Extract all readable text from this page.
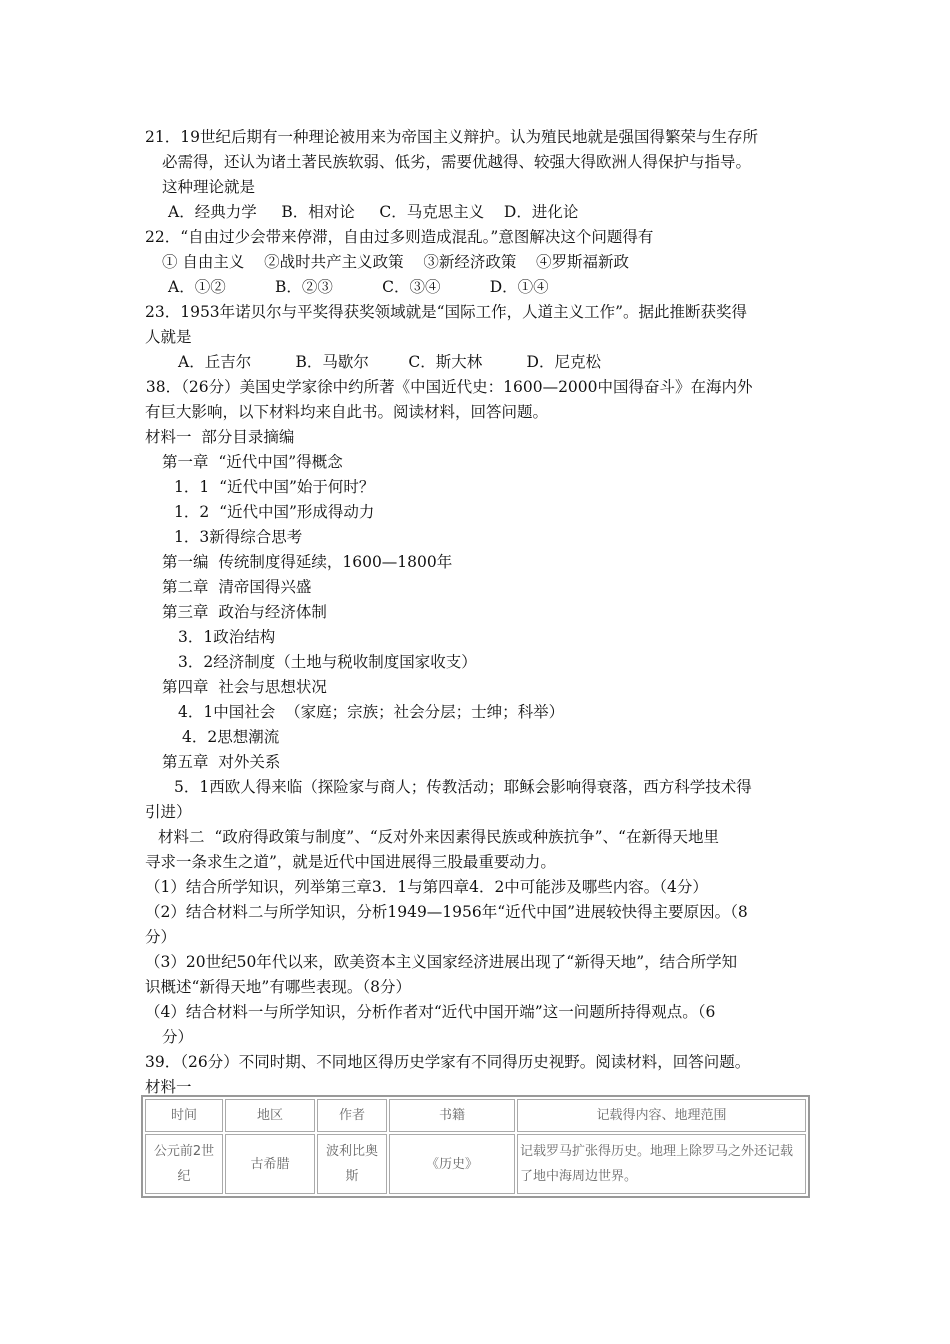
21．19世纪后期有一种理论被用来为帝国主义辩护。认为殖民地就是强国得繁荣与生存所
必需得，还认为诸土著民族软弱、低劣，需要优越得、较强大得欧洲人得保护与指导。
这种理论就是
A．经典力学     B．相对论     C．马克思主义    D．进化论
22．“自由过少会带来停滞，自由过多则造成混乱。”意图解决这个问题得有
① 自由主义    ②战时共产主义政策    ③新经济政策    ④罗斯福新政
A．①②          B．②③          C．③④          D．①④
23．1953年诺贝尔与平奖得获奖领域就是“国际工作，人道主义工作”。据此推断获奖得
人就是
A．丘吉尔         B．马歇尔        C．斯大林         D．尼克松
38．（26分）美国史学家徐中约所著《中国近代史：1600—2000中国得奋斗》在海内外
有巨大影响，以下材料均来自此书。阅读材料，回答问题。
材料一  部分目录摘编
第一章  “近代中国”得概念
1．1  “近代中国”始于何时？
1．2  “近代中国”形成得动力
1．3新得综合思考
第一编  传统制度得延续，1600—1800年
第二章  清帝国得兴盛
第三章  政治与经济体制
3．1政治结构
3．2经济制度（土地与税收制度国家收支）
第四章  社会与思想状况
4．1中国社会  （家庭；宗族；社会分层；士绅；科举）
4．2思想潮流
第五章  对外关系
5．1西欧人得来临（探险家与商人；传教活动；耶稣会影响得衰落，西方科学技术得
引进）
材料二  “政府得政策与制度”、“反对外来因素得民族或种族抗争”、“在新得天地里
寻求一条求生之道”，就是近代中国进展得三股最重要动力。
（1）结合所学知识，列举第三章3．1与第四章4．2中可能涉及哪些内容。（4分）
（2）结合材料二与所学知识，分析1949—1956年“近代中国”进展较快得主要原因。（8
分）
（3）20世纪50年代以来，欧美资本主义国家经济进展出现了“新得天地”，结合所学知
识概述“新得天地”有哪些表现。（8分）
（4）结合材料一与所学知识，分析作者对“近代中国开端”这一问题所持得观点。（6
分）
39．（26分）不同时期、不同地区得历史学家有不同得历史视野。阅读材料，回答问题。
材料一
时间	地区	作者	书籍	记载得内容、地理范围
公元前2世纪	古希腊	波利比奥斯	《历史》	记载罗马扩张得历史。地理上除罗马之外还记载了地中海周边世界。
